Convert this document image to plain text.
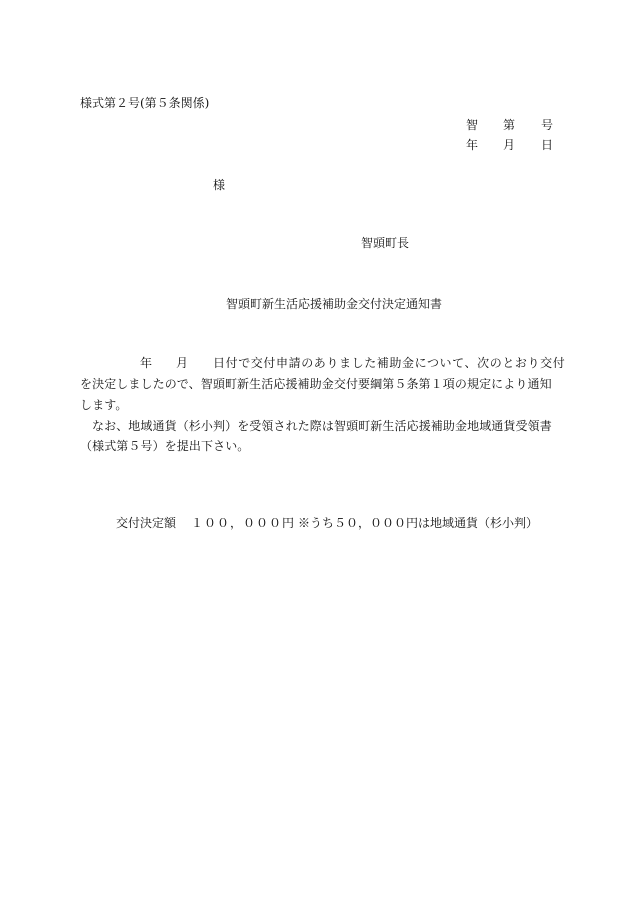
様式第２号(第５条関係)
智 第 号
年 月 日
様
智頭町長
智頭町新生活応援補助金交付決定通知書
年 月 日付で交付申請のありました補助金について、次のとおり交付
を決定しましたので、智頭町新生活応援補助金交付要綱第５条第１項の規定により通知
します。
なお、地域通貨（杉小判）を受領された際は智頭町新生活応援補助金地域通貨受領書
（様式第５号）を提出下さい。
交付決定額 １００，０００円 ※うち５０，０００円は地域通貨（杉小判）
